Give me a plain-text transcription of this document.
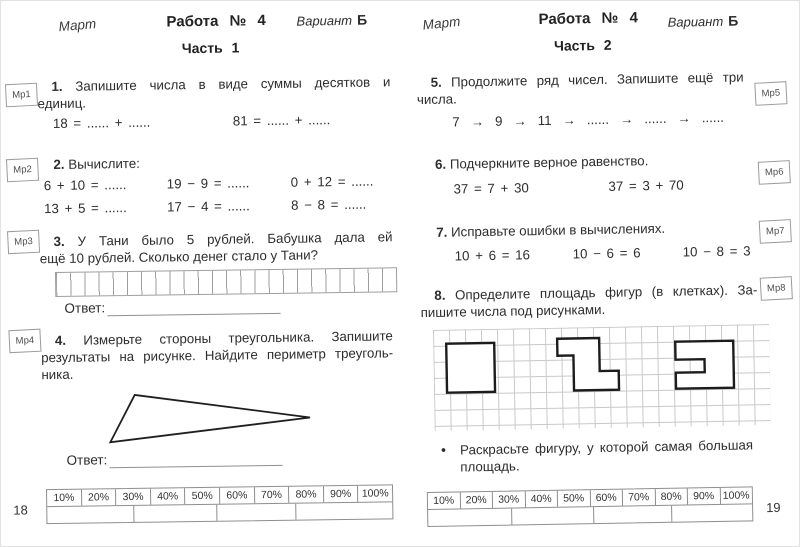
Март	Работа № 4 Вариант Б
Часть 1
Мр1
Мр2
Мр3
Мр4
1. Запишите числа в виде суммы десятков и
единиц.
18 = ...... + ......	81 = ...... + ......
2. Вычислите:
6 + 10 = ......	19 − 9 = ......	0 + 12 = ......
13 + 5 = ......	17 − 4 = ......	8 − 8 = ......
3. У Тани было 5 рублей. Бабушка дала ей
ещё 10 рублей. Сколько денег стало у Тани?
Ответ:
4. Измерьте стороны треугольника. Запишите
результаты на рисунке. Найдите периметр треуголь-
ника.
Ответ:
10%	20%	30%	40%	50%	60%	70%	80%	90% 100%
18
Март	Работа № 4 Вариант Б
Часть 2
Мр5
Мр6
Мр7
Мр8
5. Продолжите ряд чисел. Запишите ещё три
числа.
7 → 9 → 11 → ...... → ...... → ......
6. Подчеркните верное равенство.
37 = 7 + 30	37 = 3 + 70
7. Исправьте ошибки в вычислениях.
10 + 6 = 16	10 − 6 = 6	10 − 8 = 3
8. Определите площадь фигур (в клетках). За-
пишите числа под рисунками.
• Раскрасьте фигуру, у которой самая большая
площадь.
10%	20%	30%	40%	50%	60%	70%	80%	90% 100%
19
